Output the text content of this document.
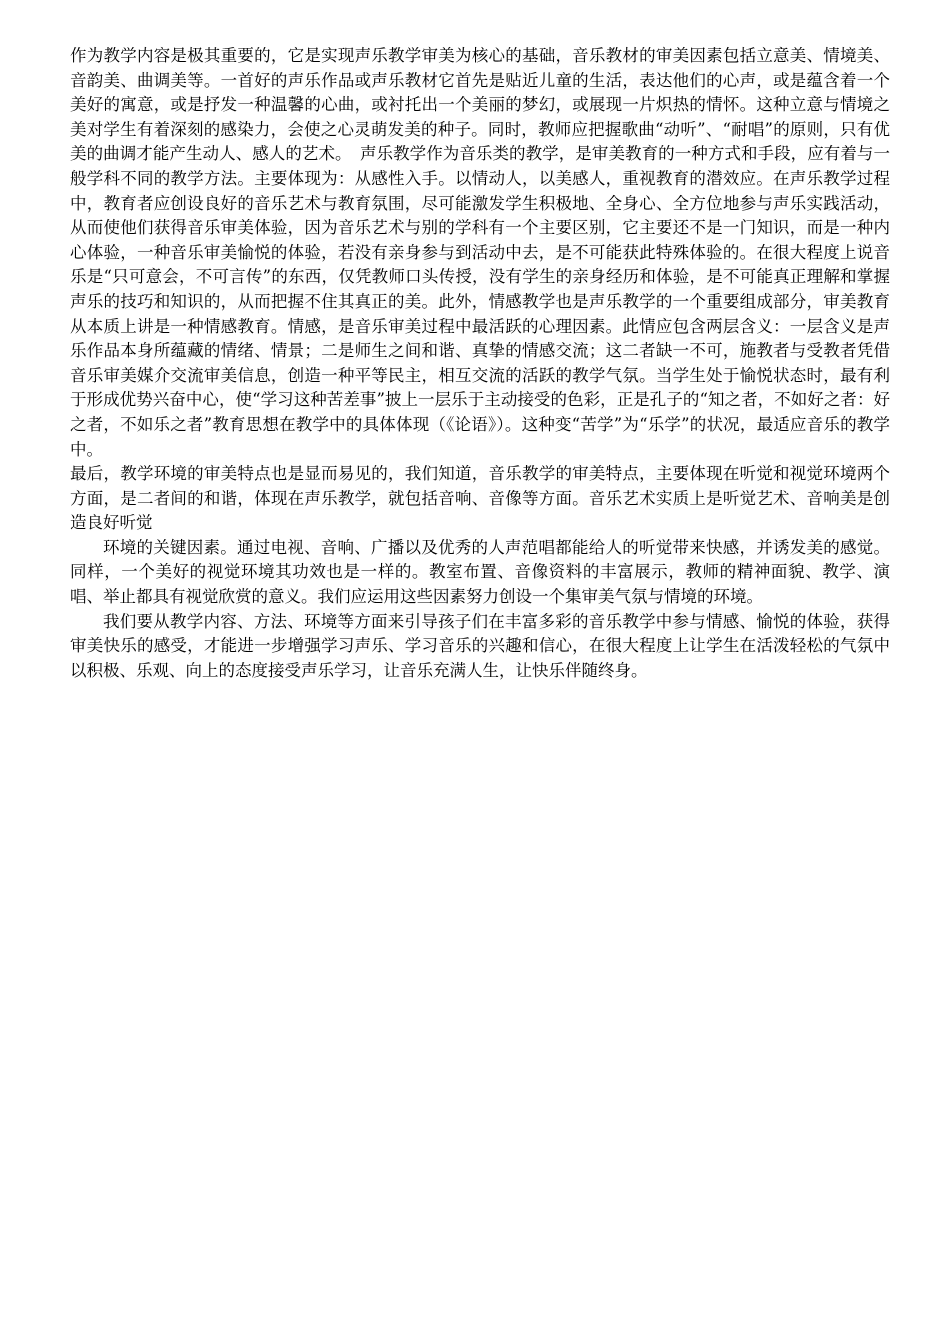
作为教学内容是极其重要的，它是实现声乐教学审美为核心的基础，音乐教材的审美因素包括立意美、情境美、音韵美、曲调美等。一首好的声乐作品或声乐教材它首先是贴近儿童的生活，表达他们的心声，或是蕴含着一个美好的寓意，或是抒发一种温馨的心曲，或衬托出一个美丽的梦幻，或展现一片炽热的情怀。这种立意与情境之美对学生有着深刻的感染力，会使之心灵萌发美的种子。同时，教师应把握歌曲“动听”、“耐唱”的原则，只有优美的曲调才能产生动人、感人的艺术。　声乐教学作为音乐类的教学，是审美教育的一种方式和手段，应有着与一般学科不同的教学方法。主要体现为：从感性入手。以情动人，以美感人，重视教育的潜效应。在声乐教学过程中，教育者应创设良好的音乐艺术与教育氛围，尽可能激发学生积极地、全身心、全方位地参与声乐实践活动，从而使他们获得音乐审美体验，因为音乐艺术与别的学科有一个主要区别，它主要还不是一门知识，而是一种内心体验，一种音乐审美愉悦的体验，若没有亲身参与到活动中去，是不可能获此特殊体验的。在很大程度上说音乐是“只可意会，不可言传”的东西，仅凭教师口头传授，没有学生的亲身经历和体验，是不可能真正理解和掌握声乐的技巧和知识的，从而把握不住其真正的美。此外，情感教学也是声乐教学的一个重要组成部分，审美教育从本质上讲是一种情感教育。情感，是音乐审美过程中最活跃的心理因素。此情应包含两层含义：一层含义是声乐作品本身所蕴藏的情绪、情景；二是师生之间和谐、真挚的情感交流；这二者缺一不可，施教者与受教者凭借音乐审美媒介交流审美信息，创造一种平等民主，相互交流的活跃的教学气氛。当学生处于愉悦状态时，最有利于形成优势兴奋中心，使“学习这种苦差事”披上一层乐于主动接受的色彩，正是孔子的“知之者，不如好之者：好之者，不如乐之者”教育思想在教学中的具体体现（《论语》）。这种变“苦学”为“乐学”的状况，最适应音乐的教学中。

最后，教学环境的审美特点也是显而易见的，我们知道，音乐教学的审美特点，主要体现在听觉和视觉环境两个方面，是二者间的和谐，体现在声乐教学，就包括音响、音像等方面。音乐艺术实质上是听觉艺术、音响美是创造良好听觉

环境的关键因素。通过电视、音响、广播以及优秀的人声范唱都能给人的听觉带来快感，并诱发美的感觉。同样，一个美好的视觉环境其功效也是一样的。教室布置、音像资料的丰富展示，教师的精神面貌、教学、演唱、举止都具有视觉欣赏的意义。我们应运用这些因素努力创设一个集审美气氛与情境的环境。

我们要从教学内容、方法、环境等方面来引导孩子们在丰富多彩的音乐教学中参与情感、愉悦的体验，获得审美快乐的感受，才能进一步增强学习声乐、学习音乐的兴趣和信心，在很大程度上让学生在活泼轻松的气氛中以积极、乐观、向上的态度接受声乐学习，让音乐充满人生，让快乐伴随终身。
